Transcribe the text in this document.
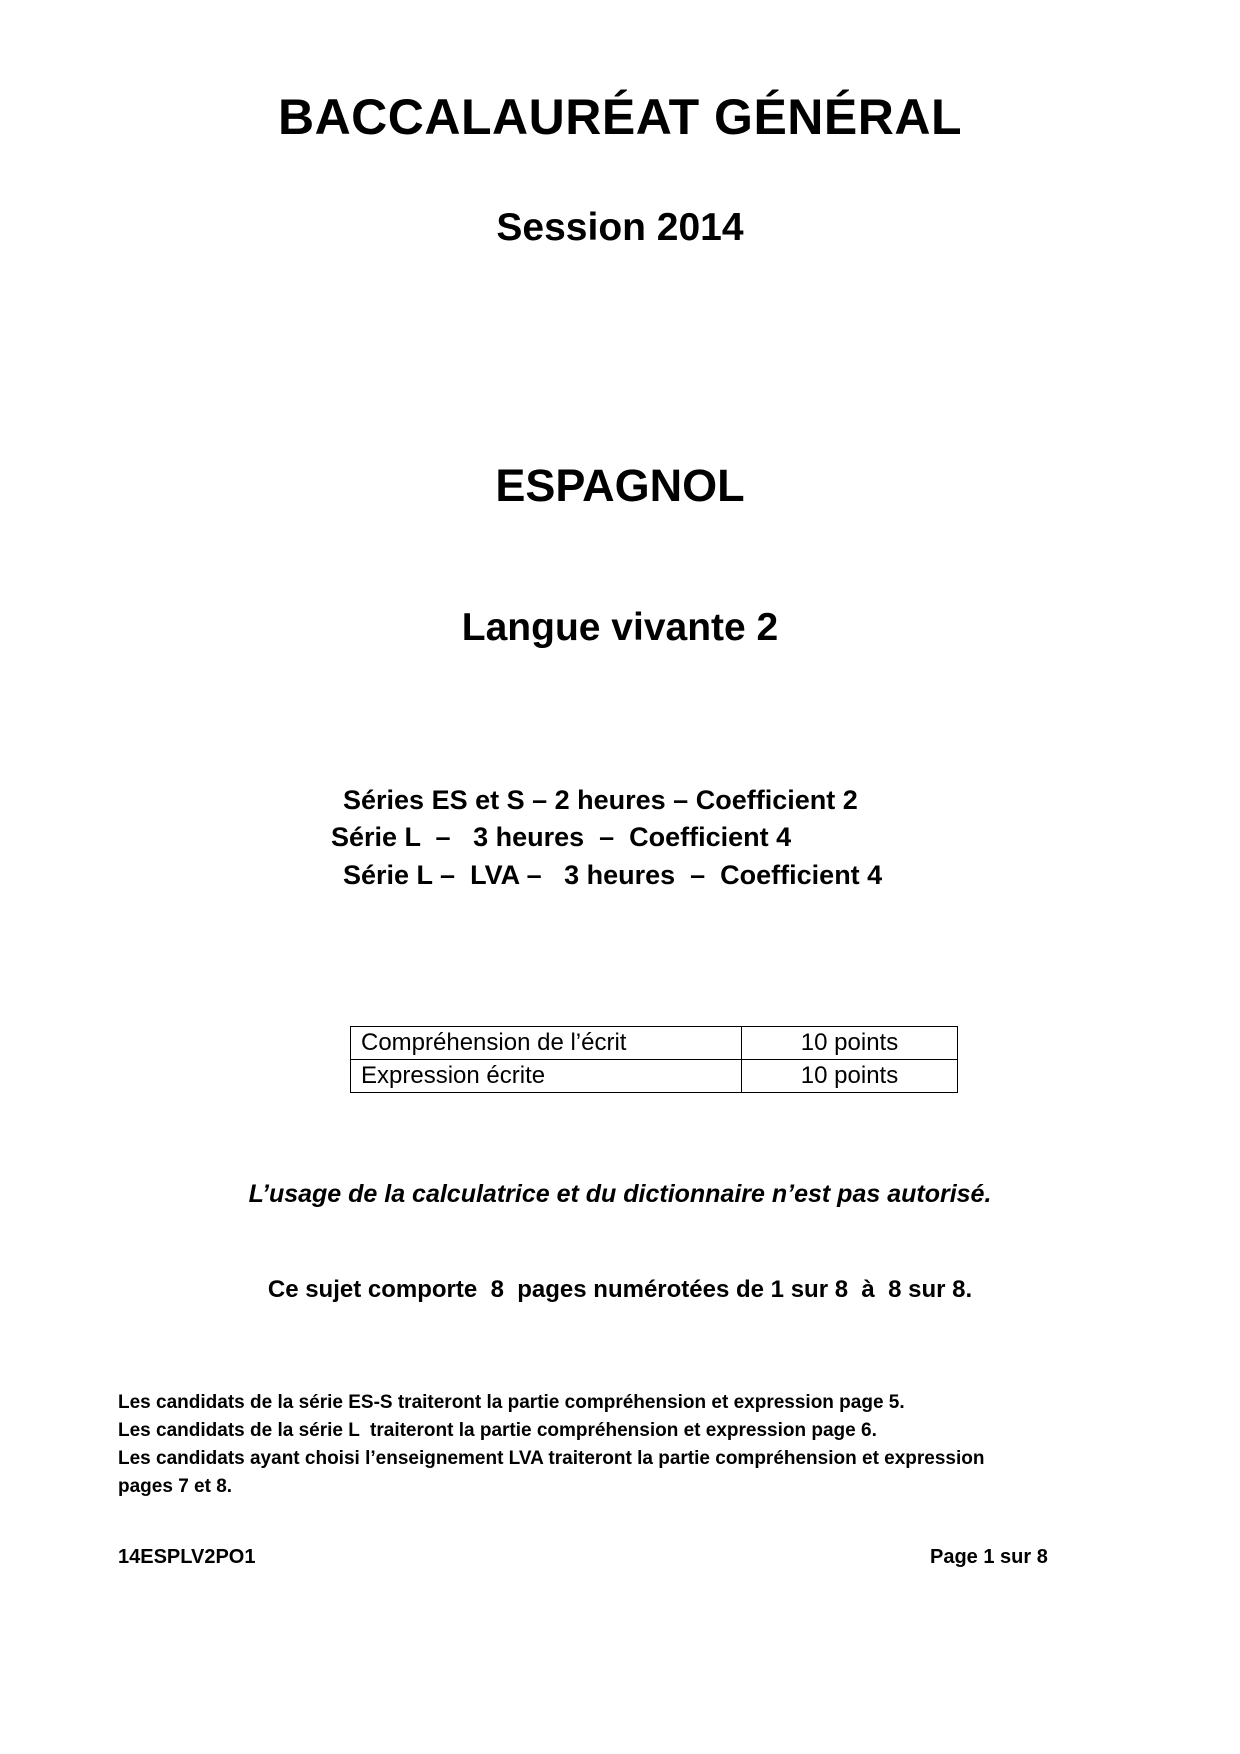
BACCALAURÉAT GÉNÉRAL
Session 2014
ESPAGNOL
Langue vivante 2
Séries ES et S – 2 heures – Coefficient 2
Série L  –   3 heures  –  Coefficient 4
Série L –  LVA –   3 heures  –  Coefficient 4
Compréhension de l’écrit	10 points
Expression écrite	10 points
L’usage de la calculatrice et du dictionnaire n’est pas autorisé.
Ce sujet comporte  8  pages numérotées de 1 sur 8  à  8 sur 8.
Les candidats de la série ES-S traiteront la partie compréhension et expression page 5.
Les candidats de la série L  traiteront la partie compréhension et expression page 6.
Les candidats ayant choisi l’enseignement LVA traiteront la partie compréhension et expression
pages 7 et 8.
14ESPLV2PO1	Page 1 sur 8
